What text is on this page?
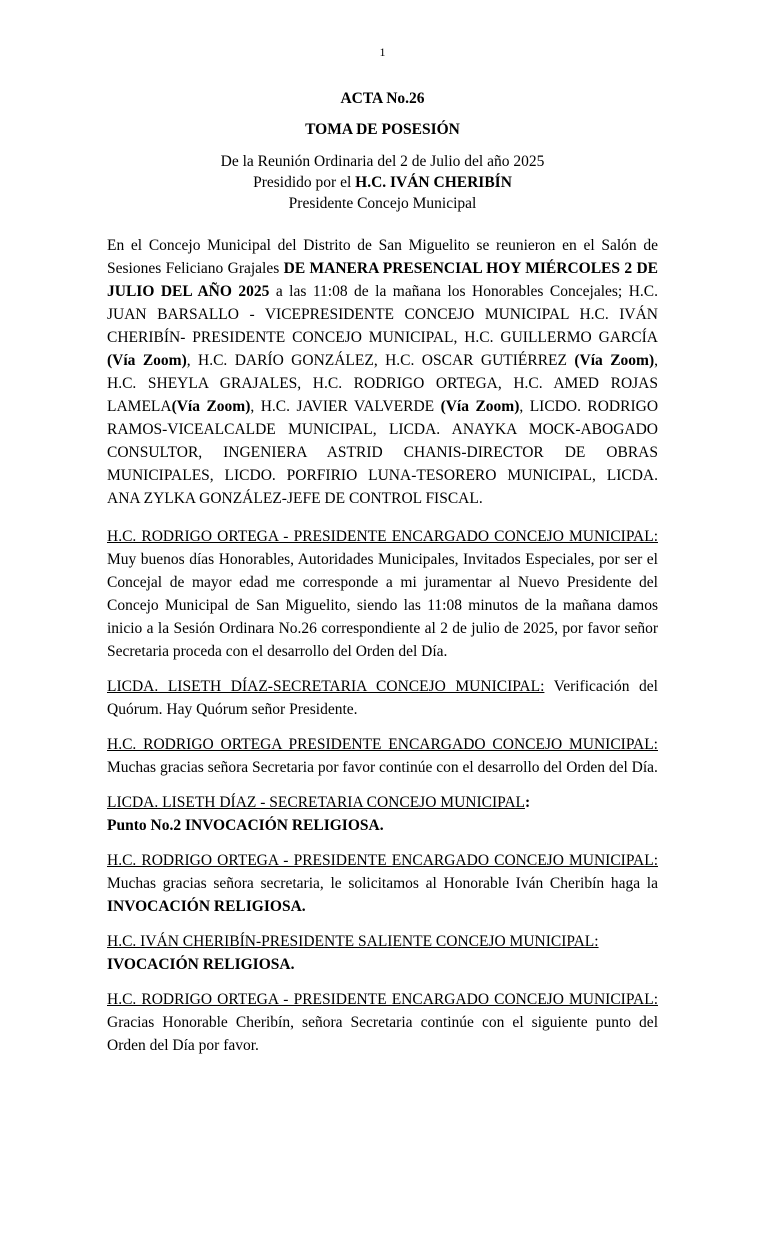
1
ACTA No.26
TOMA DE POSESIÓN
De la Reunión Ordinaria del 2 de Julio del año 2025
Presidido por el H.C. IVÁN CHERIBÍN
Presidente Concejo Municipal

En el Concejo Municipal del Distrito de San Miguelito se reunieron en el Salón de Sesiones Feliciano Grajales DE MANERA PRESENCIAL HOY MIÉRCOLES 2 DE JULIO DEL AÑO 2025 a las 11:08 de la mañana los Honorables Concejales; H.C. JUAN BARSALLO - VICEPRESIDENTE CONCEJO MUNICIPAL H.C. IVÁN CHERIBÍN- PRESIDENTE CONCEJO MUNICIPAL, H.C. GUILLERMO GARCÍA (Vía Zoom), H.C. DARÍO GONZÁLEZ, H.C. OSCAR GUTIÉRREZ (Vía Zoom), H.C. SHEYLA GRAJALES, H.C. RODRIGO ORTEGA, H.C. AMED ROJAS LAMELA(Vía Zoom), H.C. JAVIER VALVERDE (Vía Zoom), LICDO. RODRIGO RAMOS-VICEALCALDE MUNICIPAL, LICDA. ANAYKA MOCK-ABOGADO CONSULTOR, INGENIERA ASTRID CHANIS-DIRECTOR DE OBRAS MUNICIPALES, LICDO. PORFIRIO LUNA-TESORERO MUNICIPAL, LICDA. ANA ZYLKA GONZÁLEZ-JEFE DE CONTROL FISCAL.

H.C. RODRIGO ORTEGA - PRESIDENTE ENCARGADO CONCEJO MUNICIPAL: Muy buenos días Honorables, Autoridades Municipales, Invitados Especiales, por ser el Concejal de mayor edad me corresponde a mi juramentar al Nuevo Presidente del Concejo Municipal de San Miguelito, siendo las 11:08 minutos de la mañana damos inicio a la Sesión Ordinara No.26 correspondiente al 2 de julio de 2025, por favor señor Secretaria proceda con el desarrollo del Orden del Día.

LICDA. LISETH DÍAZ-SECRETARIA CONCEJO MUNICIPAL: Verificación del Quórum. Hay Quórum señor Presidente.

H.C. RODRIGO ORTEGA PRESIDENTE ENCARGADO CONCEJO MUNICIPAL: Muchas gracias señora Secretaria por favor continúe con el desarrollo del Orden del Día.

LICDA. LISETH DÍAZ - SECRETARIA CONCEJO MUNICIPAL:
Punto No.2 INVOCACIÓN RELIGIOSA.

H.C. RODRIGO ORTEGA - PRESIDENTE ENCARGADO CONCEJO MUNICIPAL: Muchas gracias señora secretaria, le solicitamos al Honorable Iván Cheribín haga la INVOCACIÓN RELIGIOSA.

H.C. IVÁN CHERIBÍN-PRESIDENTE SALIENTE CONCEJO MUNICIPAL:
IVOCACIÓN RELIGIOSA.

H.C. RODRIGO ORTEGA - PRESIDENTE ENCARGADO CONCEJO MUNICIPAL: Gracias Honorable Cheribín, señora Secretaria continúe con el siguiente punto del Orden del Día por favor.
